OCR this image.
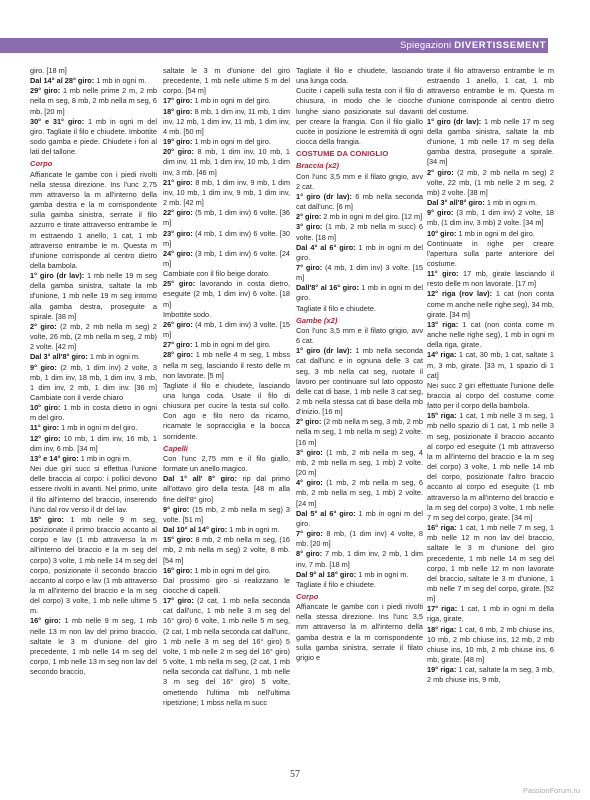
Spiegazioni DIVERTISSEMENT

giro. [18 m]

Dal 14° al 28° giro: 1 mb in ogni m.

29° giro: 1 mb nelle prime 2 m, 2 mb nella m seg, 8 mb, 2 mb nella m seg, 6 mb. [20 m]

30° e 31° giro: 1 mb in ogni m del giro. Tagliate il filo e chiudete. Imbottite sodo gamba e piede. Chiudete i fori al lati del tallone.

Corpo

Affiancate le gambe con i piedi rivolti nella stessa direzione. Ins l'unc 2,75 mm attraverso la m all'interno della gamba destra e la m corrispondente sulla gamba sinistra, serrate il filo azzurro e tirate attraverso entrambe le m estraendo 1 anello, 1 cat, 1 mb attraverso entrambe le m. Questa m d'unione corrisponde al centro dietro della bambola.

1° giro (dr lav): 1 mb nelle 19 m seg della gamba sinistra, saltate la mb d'unione, 1 mb nelle 19 m seg intorno alla gamba destra, proseguite a spirale. [38 m]

2° giro: (2 mb, 2 mb nella m seg) 2 volte, 26 mb, (2 mb nella m seg, 2 mb) 2 volte. [42 m]

Dal 3° all'8° giro: 1 mb in ogni m.

9° giro: (2 mb, 1 dim inv) 2 volte, 3 mb, 1 dim inv, 18 mb, 1 dim inv, 3 mb, 1 dim inv, 2 mb, 1 dim inv. [36 m] Cambiate con il verde chiaro

10° giro: 1 mb in costa dietro in ogni m del giro.

11° giro: 1 mb in ogni m del giro.

12° giro: 10 mb, 1 dim inv, 16 mb, 1 dim inv, 6 mb. [34 m]

13° e 14° giro: 1 mb in ogni m.

Nei due giri succ si effettua l'unione delle braccia al corpo: i pollici devono essere rivolti in avanti. Nel primo, unite il filo all'interno del braccio, inserendo l'unc dal rov verso il dr del lav.

15° giro: 1 mb nelle 9 m seg, posizionate il primo braccio accanto al corpo e lav (1 mb attraverso la m all'interno del braccio e la m seg del corpo) 3 volte, 1 mb nelle 14 m seg del corpo, posizionate il secondo braccio accanto al corpo e lav (1 mb attraverso la m all'interno del braccio e la m seg del corpo) 3 volte, 1 mb nelle ultime 5 m.

16° giro: 1 mb nelle 9 m seg, 1 mb nelle 13 m non lav del primo braccio, saltate le 3 m d'unione del giro precedente, 1 mb nelle 14 m seg del corpo, 1 mb nelle 13 m seg non lav del secondo braccio,

saltate le 3 m d'unione del giro precedente, 1 mb nelle ultime 5 m del corpo. [54 m]

17° giro: 1 mb in ogni m del giro.

18° giro: 8 mb, 1 dim inv, 11 mb, 1 dim inv, 12 mb, 1 dim inv, 11 mb, 1 dim inv, 4 mb. [50 m]

19° giro: 1 mb in ogni m del giro.

20° giro: 8 mb, 1 dim inv, 10 mb, 1 dim inv, 11 mb, 1 dim inv, 10 mb, 1 dim inv, 3 mb. [46 m]

21° giro: 8 mb, 1 dim inv, 9 mb, 1 dim inv, 10 mb, 1 dim inv, 9 mb, 1 dim inv, 2 mb. [42 m]

22° giro: (5 mb, 1 dim inv) 6 volte. [36 m]

23° giro: (4 mb, 1 dim inv) 6 volte. [30 m]

24° giro: (3 mb, 1 dim inv) 6 volte. [24 m]

Cambiate con il filo beige dorato.

25° giro: lavorando in costa dietro, eseguite (2 mb, 1 dim inv) 6 volte. [18 m]

Imbottite sodo.

26° giro: (4 mb, 1 dim inv) 3 volte. [15 m]

27° giro: 1 mb in ogni m del giro.

28° giro: 1 mb nelle 4 m seg, 1 mbss nella m seg, lasciando il resto delle m non lavorate. [5 m]

Tagliate il filo e chiudete, lasciando una lunga coda. Usate il filo di chiusura per cucire la testa sul collo. Con ago e filo nero da ricamo, ricamate le sopracciglia e la bocca sorridente.

Capelli

Con l'unc 2,75 mm e il filo giallo, formate un anello magico.

Dal 1° all' 8° giro: rip dal primo all'ottavo giro della testa. [48 m alla fine dell'8° giro]

9° giro: (15 mb, 2 mb nella m seg) 3 volte. [51 m]

Dal 10° al 14° giro: 1 mb in ogni m.

15° giro: 8 mb, 2 mb nella m seg, (16 mb, 2 mb nella m seg) 2 volte, 8 mb. [54 m]

16° giro: 1 mb in ogni m del giro.

Dal prossimo giro si realizzano le ciocche di capelli.

17° giro: (2 cat, 1 mb nella seconda cat dall'unc, 1 mb nelle 3 m seg del 16° giro) 6 volte, 1 mb nelle 5 m seg, (2 cat, 1 mb nella seconda cat dall'unc, 1 mb nelle 3 m seg del 16° giro) 5 volte, 1 mb nelle 2 m seg del 16° giro) 5 volte, 1 mb nella m seg, (2 cat, 1 mb nella seconda cat dall'unc, 1 mb nelle 3 m seg del 16° giro) 5 volte, omettendo l'ultima mb nell'ultima ripetizione; 1 mbss nella m succ

Tagliate il filo e chiudete, lasciando una lunga coda.

Cucite i capelli sulla testa con il filo di chiusura, in modo che le ciocche lunghe siano posizionate sul davanti per creare la frangia. Con il filo giallo cucite in posizione le estremità di ogni ciocca della frangia.

COSTUME DA CONIGLIO

Braccia (x2)

Con l'unc 3,5 mm e il filato grigio, avv 2 cat.

1° giro (dr lav): 6 mb nella seconda cat dall'unc. [6 m]

2° giro: 2 mb in ogni m del giro. [12 m]

3° giro: (1 mb, 2 mb nella m succ) 6 volte. [18 m]

Dal 4° al 6° giro: 1 mb in ogni m del giro.

7° giro: (4 mb, 1 dim inv) 3 volte. [15 m]

Dall'8° al 16° giro: 1 mb in ogni m del giro.

Tagliate il filo e chiudete.

Gambe (x2)

Con l'unc 3,5 mm e il filato grigio, avv 6 cat.

1° giro (dr lav): 1 mb nella seconda cat dall'unc e in ognuna delle 3 cat seg, 3 mb nella cat seg, ruotate il lavoro per continuare sul lato opposto delle cat di base, 1 mb nelle 3 cat seg, 2 mb nella stessa cat di base della mb d'inizio. [16 m]

2° giro: (2 mb nella m seg, 3 mb, 2 mb nella m seg, 1 mb nella m seg) 2 volte. [16 m]

3° giro: (1 mb, 2 mb nella m seg, 4 mb, 2 mb nella m seg, 1 mb) 2 volte. [20 m]

4° giro: (1 mb, 2 mb nella m seg, 6 mb, 2 mb nella m seg, 1 mb) 2 volte. [24 m]

Dal 5° al 6° giro: 1 mb in ogni m del giro.

7° giro: 8 mb, (1 dim inv) 4 volte, 8 mb. [20 m]

8° giro: 7 mb, 1 dim inv, 2 mb, 1 dim inv, 7 mb. [18 m]

Dal 9° al 18° giro: 1 mb in ogni m.

Tagliate il filo e chiudete.

Corpo

Affiancate le gambe con i piedi rivolti nella stessa direzione. Ins l'unc 3,5 mm attraverso la m all'interno della gamba destra e la m corrispondente sulla gamba sinistra, serrate il filato grigio e

tirate il filo attraverso entrambe le m estraendo 1 anello, 1 cat, 1 mb attraverso entrambe le m. Questa m d'unione corrisponde al centro dietro del costume.

1° giro (dr lav): 1 mb nelle 17 m seg della gamba sinistra, saltate la mb d'unione, 1 mb nelle 17 m seg della gamba destra, proseguite a spirale. [34 m]

2° giro: (2 mb, 2 mb nella m seg) 2 volte, 22 mb, (1 mb nelle 2 m seg, 2 mb) 2 volte. [38 m]

Dal 3° all'8° giro: 1 mb in ogni m.

9° giro: (3 mb, 1 dim inv) 2 volte, 18 mb, (1 dim inv, 3 mb) 2 volte. [34 m]

10° giro: 1 mb in ogni m del giro.

Continuate in righe per creare l'apertura sulla parte anteriore del costume.

11° giro: 17 mb, girate lasciando il resto delle m non lavorate. [17 m]

12° riga (rov lav): 1 cat (non conta come m anche nelle righe seg), 34 mb, girate. [34 m]

13° riga: 1 cat (non conta come m anche nelle righe seg), 1 mb in ogni m della riga, girate.

14° riga: 1 cat, 30 mb, 1 cat, saltate 1 m, 3 mb, girate. [33 m, 1 spazio di 1 cat]

Nei succ 2 giri effettuate l'unione delle braccia al corpo del costume come fatto per il corpo della bambola.

15° riga: 1 cat, 1 mb nelle 3 m seg, 1 mb nello spazio di 1 cat, 1 mb nelle 3 m seg, posizionate il braccio accanto al corpo ed eseguite (1 mb attraverso la m all'interno del braccio e la m seg del corpo) 3 volte, 1 mb nelle 14 mb del corpo, posizionate l'altro braccio accanto al corpo ed eseguite (1 mb attraverso la m all'interno del braccio e la m seg del corpo) 3 volte, 1 mb nelle 7 m seg del corpo, girate. [34 m]

16° riga: 1 cat, 1 mb nelle 7 m seg, 1 mb nelle 12 m non lav del braccio, saltate le 3 m d'unione del giro precedente, 1 mb nelle 14 m seg del corpo, 1 mb nelle 12 m non lavorate del braccio, saltate le 3 m d'unione, 1 mb nelle 7 m seg del corpo, girate. [52 m]

17° riga: 1 cat, 1 mb in ogni m della riga, girate.

18° riga: 1 cat, 6 mb, 2 mb chiuse ins, 10 mb, 2 mb chiuse ins, 12 mb, 2 mb chiuse ins, 10 mb, 2 mb chiuse ins, 6 mb, girate. [48 m]

19° riga: 1 cat, saltate la m seg, 3 mb, 2 mb chiuse ins, 9 mb,

57
PassionForum.ru
